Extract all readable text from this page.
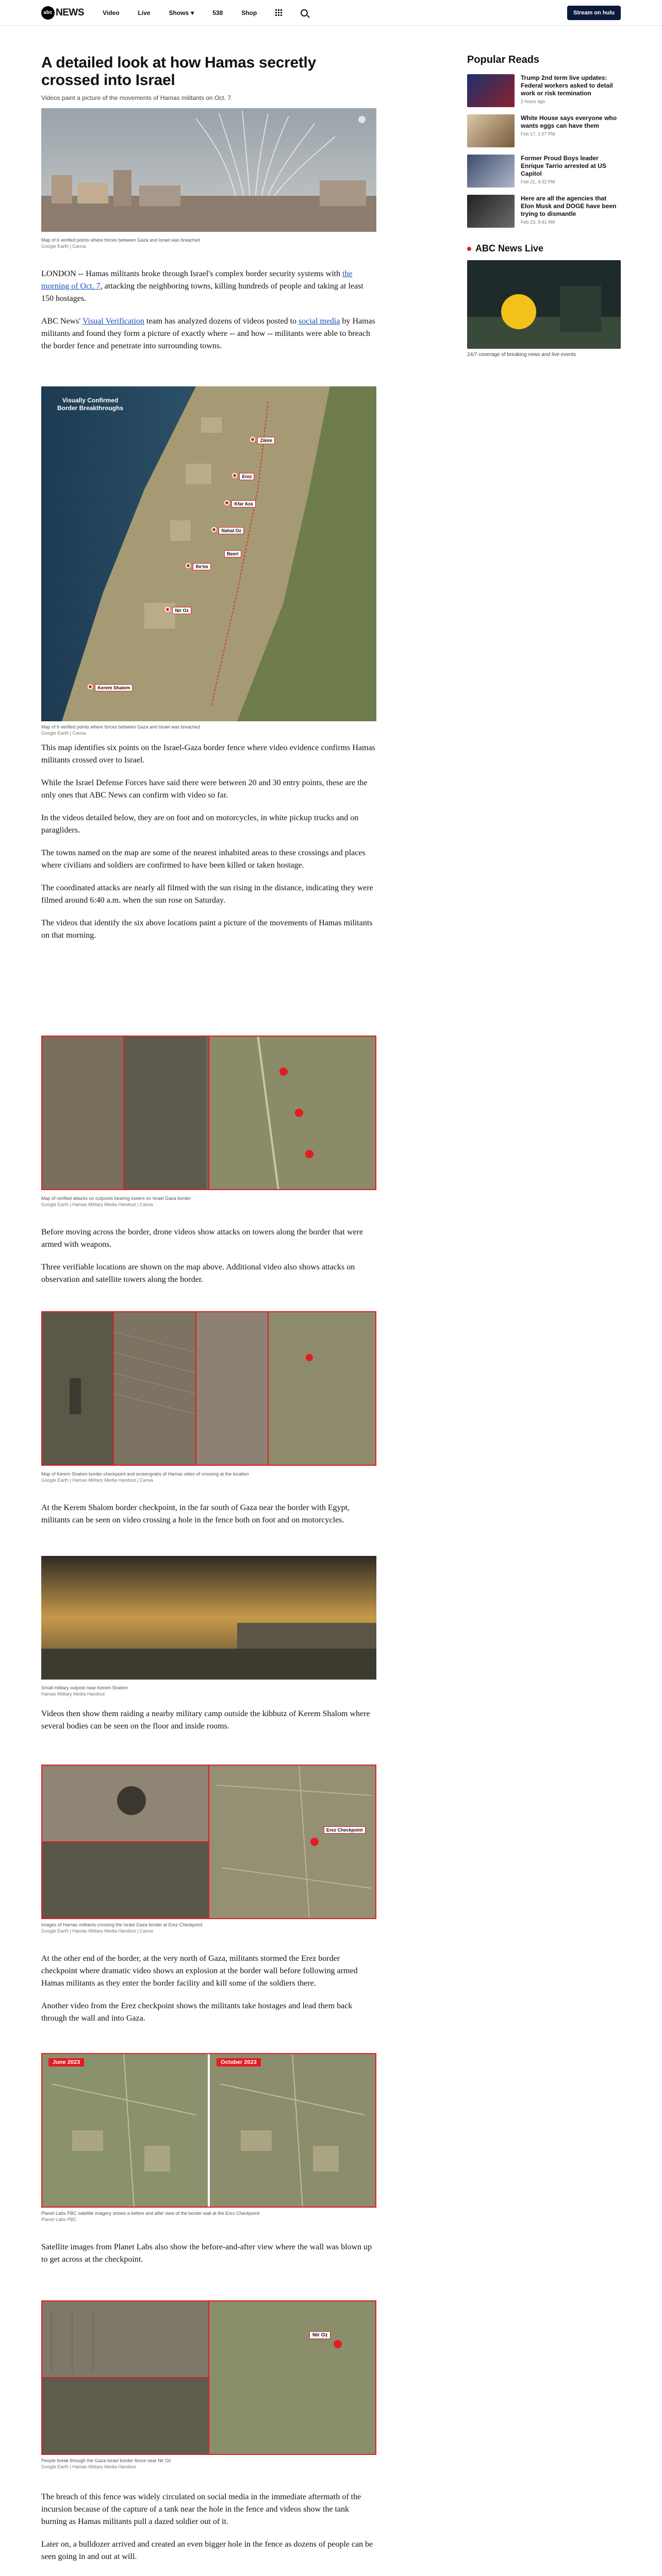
abc NEWS	Video	Live	Shows ▾	538	Shop	Stream on hulu
A detailed look at how Hamas secretly crossed into Israel
Videos paint a picture of the movements of Hamas militants on Oct. 7.
Map of 6 verified points where forces between Gaza and Israel was breached
Google Earth | Canva

LONDON -- Hamas militants broke through Israel's complex border security systems with the morning of Oct. 7, attacking the neighboring towns, killing hundreds of people and taking at least 150 hostages.

ABC News' Visual Verification team has analyzed dozens of videos posted to social media by Hamas militants and found they form a picture of exactly where -- and how -- militants were able to breach the border fence and penetrate into surrounding towns.

Visually Confirmed Border Breakthroughs
Zikim
Erez
Kfar Aza
Nahal Oz
Beeri
Re'im
Nir Oz
Kerem Shalom
Map of 6 verified points where forces between Gaza and Israel was breached
Google Earth | Canva

This map identifies six points on the Israel-Gaza border fence where video evidence confirms Hamas militants crossed over to Israel.

While the Israel Defense Forces have said there were between 20 and 30 entry points, these are the only ones that ABC News can confirm with video so far.

In the videos detailed below, they are on foot and on motorcycles, in white pickup trucks and on paragliders.

The towns named on the map are some of the nearest inhabited areas to these crossings and places where civilians and soldiers are confirmed to have been killed or taken hostage.

The coordinated attacks are nearly all filmed with the sun rising in the distance, indicating they were filmed around 6:40 a.m. when the sun rose on Saturday.

The videos that identify the six above locations paint a picture of the movements of Hamas militants on that morning.

Map of verified attacks on outposts bearing towers on Israel Gaza border
Google Earth | Hamas Military Media Handout | Canva

Before moving across the border, drone videos show attacks on towers along the border that were armed with weapons.

Three verifiable locations are shown on the map above. Additional video also shows attacks on observation and satellite towers along the border.

Map of Kerem Shalom border checkpoint and screengrabs of Hamas video of crossing at the location
Google Earth | Hamas Military Media Handout | Canva

At the Kerem Shalom border checkpoint, in the far south of Gaza near the border with Egypt, militants can be seen on video crossing a hole in the fence both on foot and on motorcycles.

Small military outpost near Kerem Shalom
Hamas Military Media Handout

Videos then show them raiding a nearby military camp outside the kibbutz of Kerem Shalom where several bodies can be seen on the floor and inside rooms.

Erez Checkpoint
Images of Hamas militants crossing the Israel Gaza border at Erez Checkpoint
Google Earth | Hamas Military Media Handout | Canva

At the other end of the border, at the very north of Gaza, militants stormed the Erez border checkpoint where dramatic video shows an explosion at the border wall before following armed Hamas militants as they enter the border facility and kill some of the soldiers there.

Another video from the Erez checkpoint shows the militants take hostages and lead them back through the wall and into Gaza.

June 2023	October 2023
Planet Labs PBC satellite imagery shows a before and after view of the border wall at the Erez Checkpoint
Planet Labs PBC

Satellite images from Planet Labs also show the before-and-after view where the wall was blown up to get across at the checkpoint.

Nir Oz
People break through the Gaza-Israel border fence near Nir Oz
Google Earth | Hamas Military Media Handout

The breach of this fence was widely circulated on social media in the immediate aftermath of the incursion because of the capture of a tank near the hole in the fence and videos show the tank burning as Hamas militants pull a dazed soldier out of it.

Later on, a bulldozer arrived and created an even bigger hole in the fence as dozens of people can be seen going in and out at will.

Popular Reads
Trump 2nd term live updates: Federal workers asked to detail work or risk termination
2 hours ago
White House says everyone who wants eggs can have them
Feb 17, 1:07 PM
Former Proud Boys leader Enrique Tarrio arrested at US Capitol
Feb 21, 4:32 PM
Here are all the agencies that Elon Musk and DOGE have been trying to dismantle
Feb 23, 9:41 AM
ABC News Live
24/7 coverage of breaking news and live events
